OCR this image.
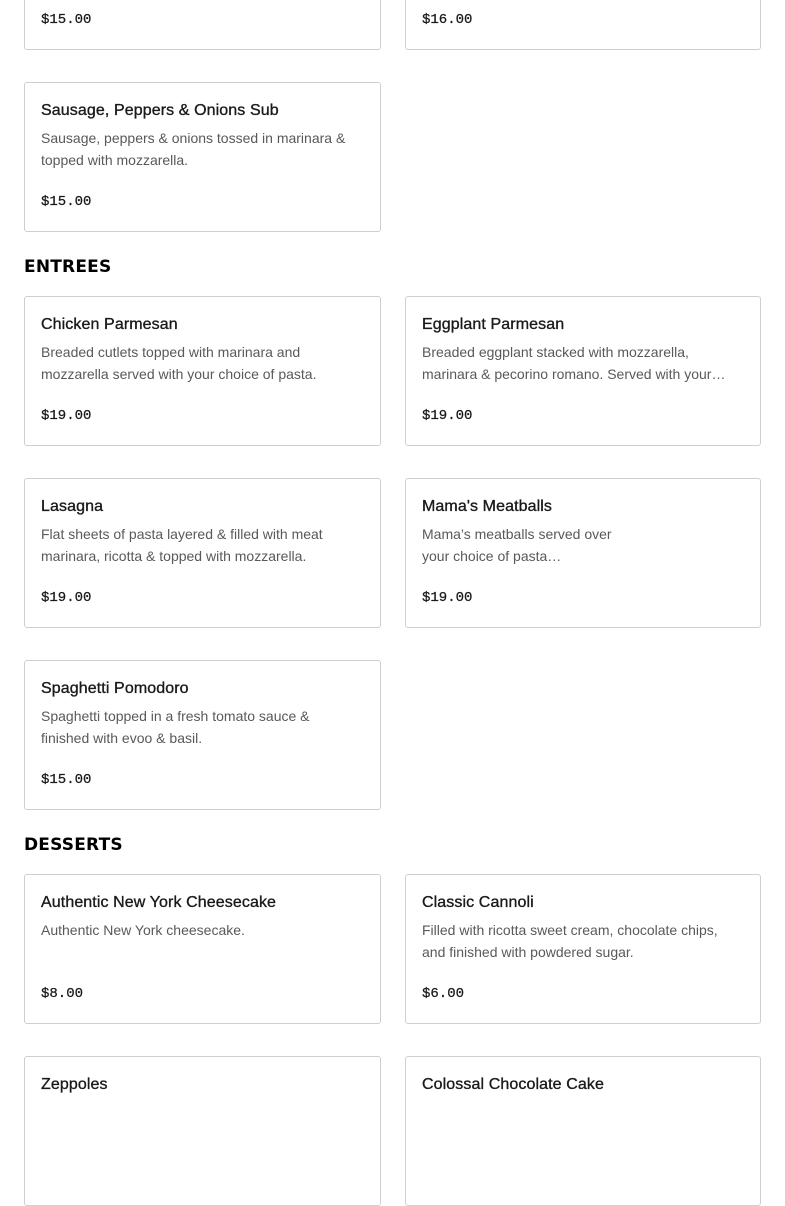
$15.00	$16.00
Sausage, Peppers & Onions Sub
Sausage, peppers & onions tossed in marinara & topped with mozzarella.
$15.00
ENTREES
Chicken Parmesan
Breaded cutlets topped with marinara and mozzarella served with your choice of pasta.
$19.00
Eggplant Parmesan
Breaded eggplant stacked with mozzarella, marinara & pecorino romano. Served with your…
$19.00
Lasagna
Flat sheets of pasta layered & filled with meat marinara, ricotta & topped with mozzarella.
$19.00
Mama's Meatballs
Mama’s meatballs served over your choice of pasta…
$19.00
Spaghetti Pomodoro
Spaghetti topped in a fresh tomato sauce & finished with evoo & basil.
$15.00
DESSERTS
Authentic New York Cheesecake
Authentic New York cheesecake.
$8.00
Classic Cannoli
Filled with ricotta sweet cream, chocolate chips, and finished with powdered sugar.
$6.00
Zeppoles	Colossal Chocolate Cake
